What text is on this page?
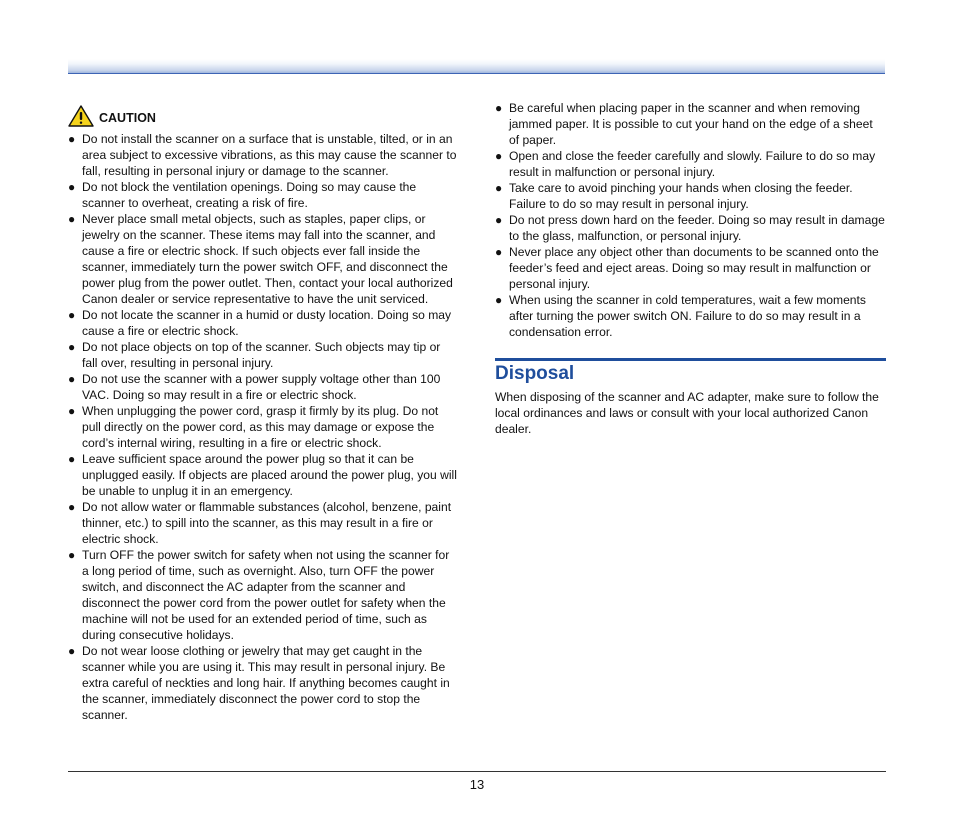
CAUTION
● Do not install the scanner on a surface that is unstable, tilted, or in an area subject to excessive vibrations, as this may cause the scanner to fall, resulting in personal injury or damage to the scanner.
● Do not block the ventilation openings. Doing so may cause the scanner to overheat, creating a risk of fire.
● Never place small metal objects, such as staples, paper clips, or jewelry on the scanner. These items may fall into the scanner, and cause a fire or electric shock. If such objects ever fall inside the scanner, immediately turn the power switch OFF, and disconnect the power plug from the power outlet. Then, contact your local authorized Canon dealer or service representative to have the unit serviced.
● Do not locate the scanner in a humid or dusty location. Doing so may cause a fire or electric shock.
● Do not place objects on top of the scanner. Such objects may tip or fall over, resulting in personal injury.
● Do not use the scanner with a power supply voltage other than 100 VAC. Doing so may result in a fire or electric shock.
● When unplugging the power cord, grasp it firmly by its plug. Do not pull directly on the power cord, as this may damage or expose the cord’s internal wiring, resulting in a fire or electric shock.
● Leave sufficient space around the power plug so that it can be unplugged easily. If objects are placed around the power plug, you will be unable to unplug it in an emergency.
● Do not allow water or flammable substances (alcohol, benzene, paint thinner, etc.) to spill into the scanner, as this may result in a fire or electric shock.
● Turn OFF the power switch for safety when not using the scanner for a long period of time, such as overnight. Also, turn OFF the power switch, and disconnect the AC adapter from the scanner and disconnect the power cord from the power outlet for safety when the machine will not be used for an extended period of time, such as during consecutive holidays.
● Do not wear loose clothing or jewelry that may get caught in the scanner while you are using it. This may result in personal injury. Be extra careful of neckties and long hair. If anything becomes caught in the scanner, immediately disconnect the power cord to stop the scanner.
● Be careful when placing paper in the scanner and when removing jammed paper. It is possible to cut your hand on the edge of a sheet of paper.
● Open and close the feeder carefully and slowly. Failure to do so may result in malfunction or personal injury.
● Take care to avoid pinching your hands when closing the feeder. Failure to do so may result in personal injury.
● Do not press down hard on the feeder. Doing so may result in damage to the glass, malfunction, or personal injury.
● Never place any object other than documents to be scanned onto the feeder’s feed and eject areas. Doing so may result in malfunction or personal injury.
● When using the scanner in cold temperatures, wait a few moments after turning the power switch ON. Failure to do so may result in a condensation error.
Disposal

When disposing of the scanner and AC adapter, make sure to follow the local ordinances and laws or consult with your local authorized Canon dealer.

13
